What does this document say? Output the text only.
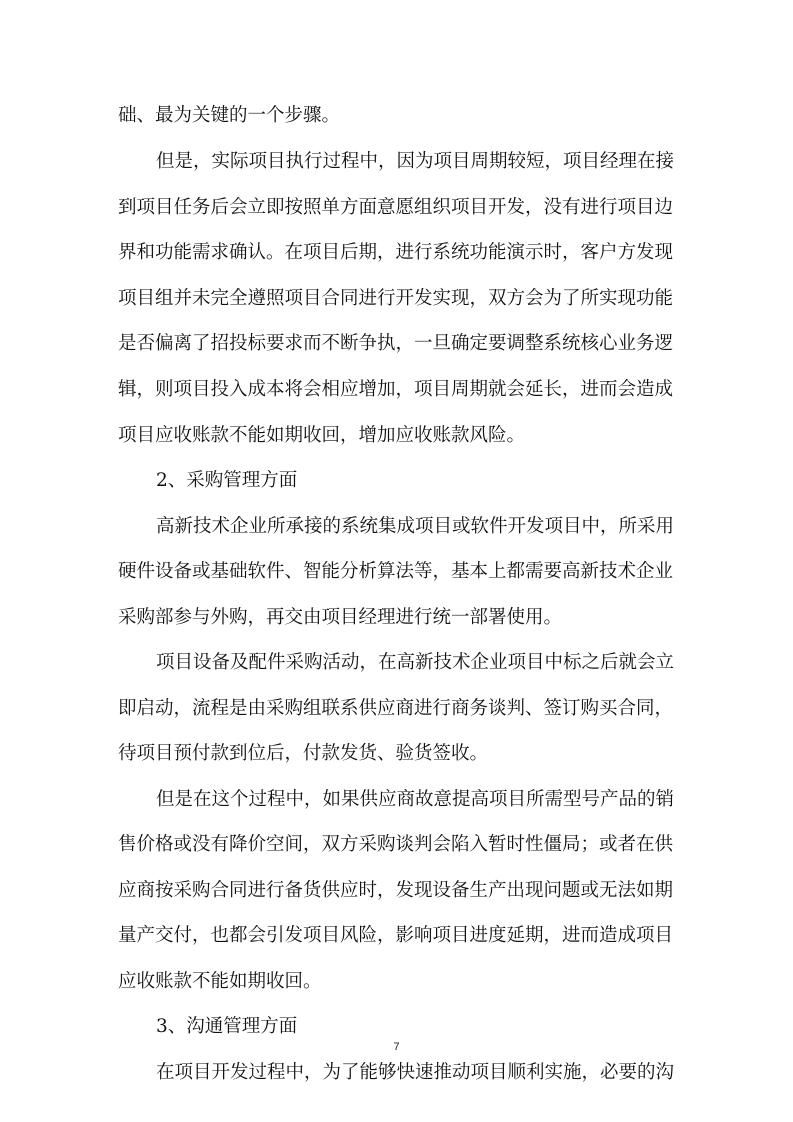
础、最为关键的一个步骤。
但是，实际项目执行过程中，因为项目周期较短，项目经理在接
到项目任务后会立即按照单方面意愿组织项目开发，没有进行项目边
界和功能需求确认。在项目后期，进行系统功能演示时，客户方发现
项目组并未完全遵照项目合同进行开发实现，双方会为了所实现功能
是否偏离了招投标要求而不断争执，一旦确定要调整系统核心业务逻
辑，则项目投入成本将会相应增加，项目周期就会延长，进而会造成
项目应收账款不能如期收回，增加应收账款风险。
2、采购管理方面
高新技术企业所承接的系统集成项目或软件开发项目中，所采用
硬件设备或基础软件、智能分析算法等，基本上都需要高新技术企业
采购部参与外购，再交由项目经理进行统一部署使用。
项目设备及配件采购活动，在高新技术企业项目中标之后就会立
即启动，流程是由采购组联系供应商进行商务谈判、签订购买合同，
待项目预付款到位后，付款发货、验货签收。
但是在这个过程中，如果供应商故意提高项目所需型号产品的销
售价格或没有降价空间，双方采购谈判会陷入暂时性僵局；或者在供
应商按采购合同进行备货供应时，发现设备生产出现问题或无法如期
量产交付，也都会引发项目风险，影响项目进度延期，进而造成项目
应收账款不能如期收回。
3、沟通管理方面
在项目开发过程中，为了能够快速推动项目顺利实施，必要的沟
7
